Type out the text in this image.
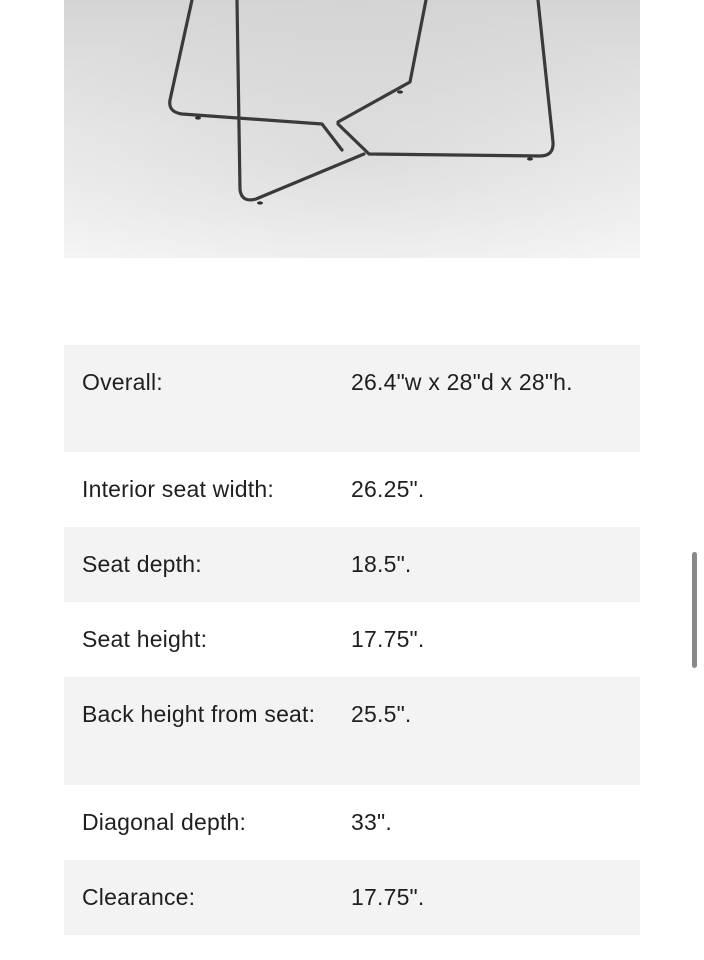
Overall:	26.4"w x 28"d x 28"h.
Interior seat width:	26.25".
Seat depth:	18.5".
Seat height:	17.75".
Back height from seat:	25.5".
Diagonal depth:	33".
Clearance:	17.75".
